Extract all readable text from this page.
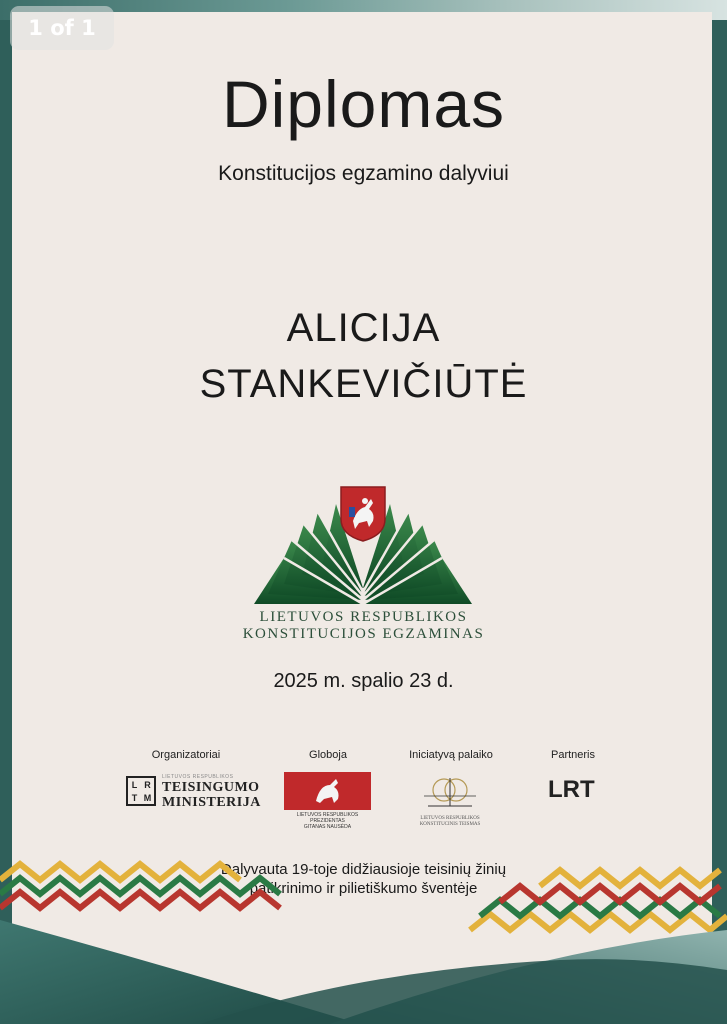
1 of 1
Diplomas
Konstitucijos egzamino dalyviui
ALICIJA
STANKEVIČIŪTĖ
LIETUVOS RESPUBLIKOS
KONSTITUCIJOS EGZAMINAS
2025 m. spalio 23 d.
Organizatoriai	Globoja	Iniciatyvą palaiko	Partneris
L R
T M
LIETUVOS RESPUBLIKOS
TEISINGUMO
MINISTERIJA
LIETUVOS RESPUBLIKOS PREZIDENTAS
GITANAS NAUSĖDA
LIETUVOS RESPUBLIKOS
KONSTITUCINIS TEISMAS
LRT
Dalyvauta 19-toje didžiausioje teisinių žinių
patikrinimo ir pilietiškumo šventėje
